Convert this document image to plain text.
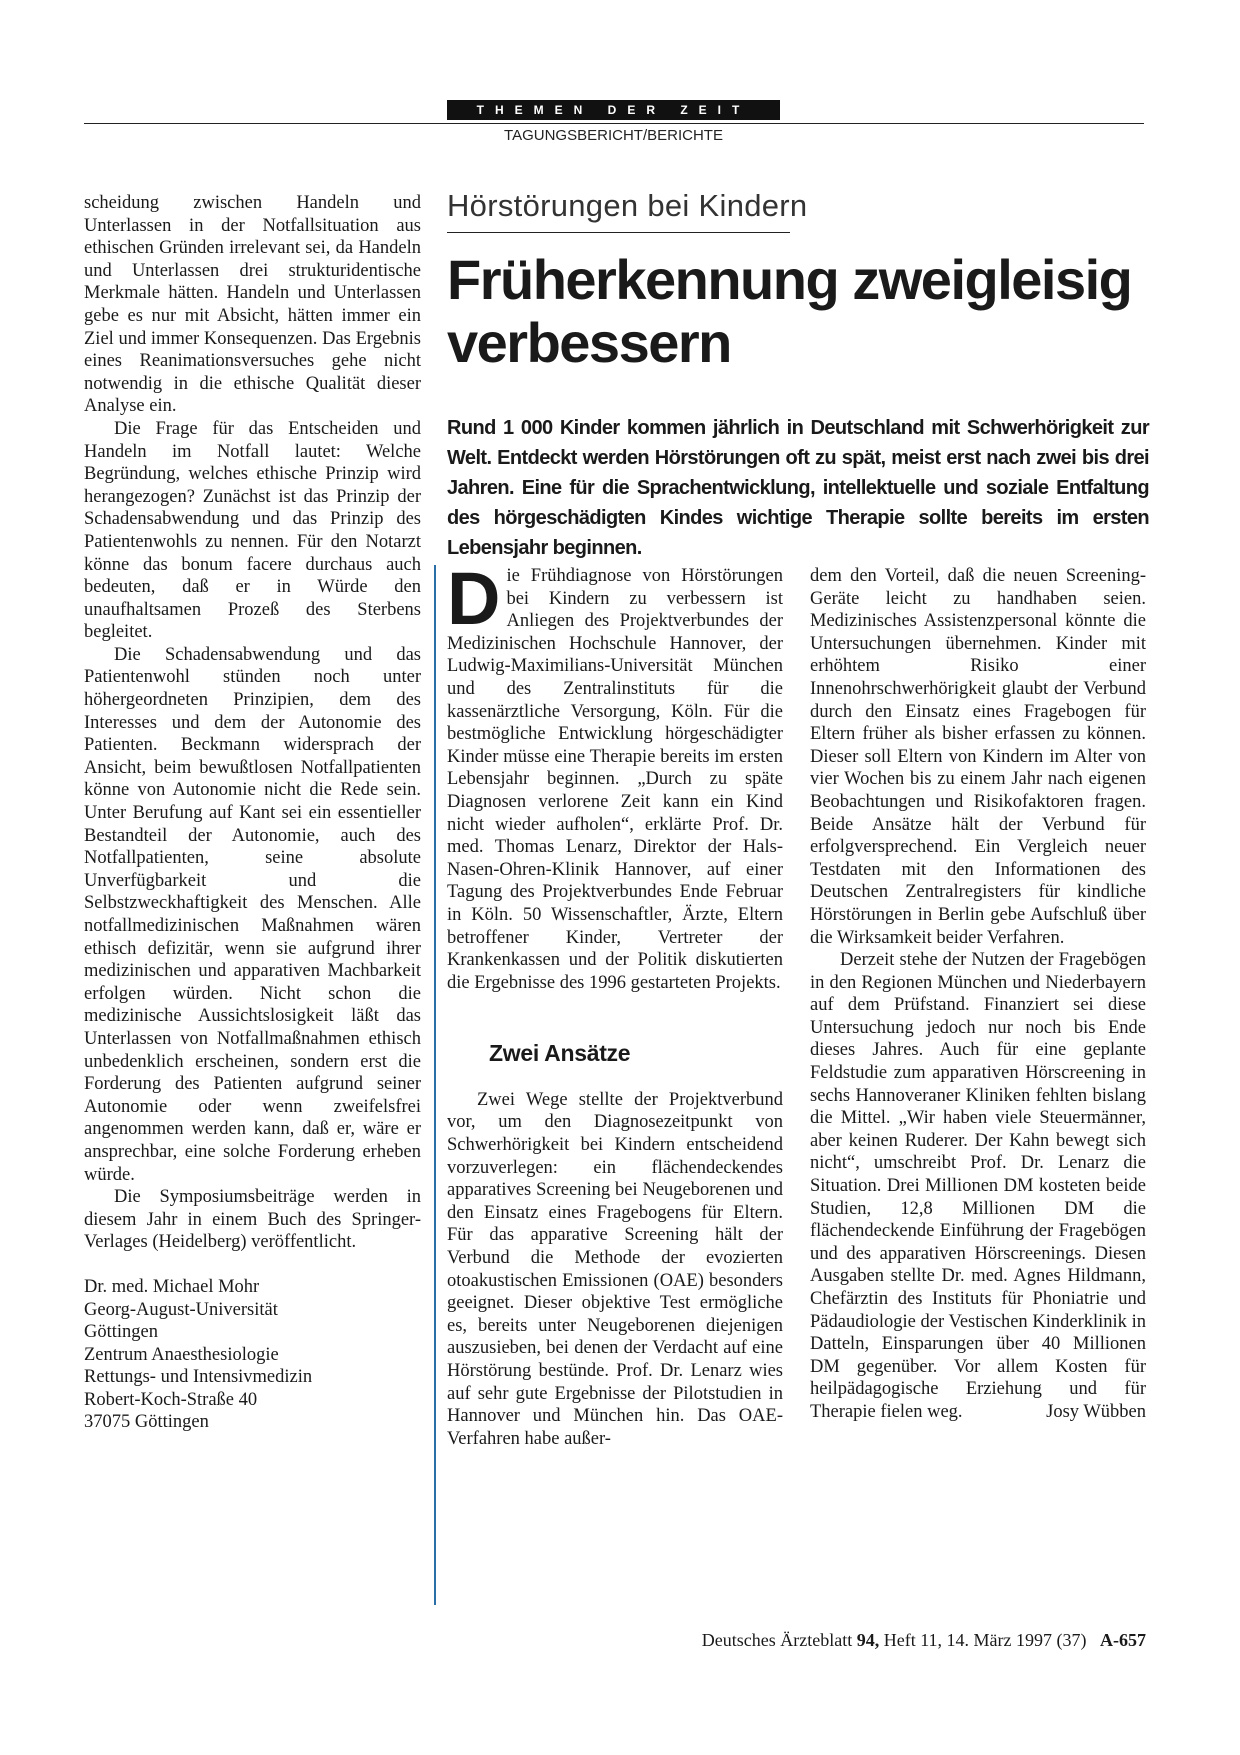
THEMEN DER ZEIT
TAGUNGSBERICHT/BERICHTE

scheidung zwischen Handeln und Unterlassen in der Notfallsituation aus ethischen Gründen irrelevant sei, da Handeln und Unterlassen drei strukturidentische Merkmale hätten. Handeln und Unterlassen gebe es nur mit Absicht, hätten immer ein Ziel und immer Konsequenzen. Das Ergebnis eines Reanimationsversuches gehe nicht notwendig in die ethische Qualität dieser Analyse ein.

Die Frage für das Entscheiden und Handeln im Notfall lautet: Welche Begründung, welches ethische Prinzip wird herangezogen? Zunächst ist das Prinzip der Schadensabwendung und das Prinzip des Patientenwohls zu nennen. Für den Notarzt könne das bonum facere durchaus auch bedeuten, daß er in Würde den unaufhaltsamen Prozeß des Sterbens begleitet.

Die Schadensabwendung und das Patientenwohl stünden noch unter höhergeordneten Prinzipien, dem des Interesses und dem der Autonomie des Patienten. Beckmann widersprach der Ansicht, beim bewußtlosen Notfallpatienten könne von Autonomie nicht die Rede sein. Unter Berufung auf Kant sei ein essentieller Bestandteil der Autonomie, auch des Notfallpatienten, seine absolute Unverfügbarkeit und die Selbstzweckhaftigkeit des Menschen. Alle notfallmedizinischen Maßnahmen wären ethisch defizitär, wenn sie aufgrund ihrer medizinischen und apparativen Machbarkeit erfolgen würden. Nicht schon die medizinische Aussichtslosigkeit läßt das Unterlassen von Notfallmaßnahmen ethisch unbedenklich erscheinen, sondern erst die Forderung des Patienten aufgrund seiner Autonomie oder wenn zweifelsfrei angenommen werden kann, daß er, wäre er ansprechbar, eine solche Forderung erheben würde.

Die Symposiumsbeiträge werden in diesem Jahr in einem Buch des Springer-Verlages (Heidelberg) veröffentlicht.

Dr. med. Michael Mohr
Georg-August-Universität
Göttingen
Zentrum Anaesthesiologie
Rettungs- und Intensivmedizin
Robert-Koch-Straße 40
37075 Göttingen
Hörstörungen bei Kindern
Früherkennung zweigleisig verbessern
Rund 1 000 Kinder kommen jährlich in Deutschland mit Schwerhörigkeit zur Welt. Entdeckt werden Hörstörungen oft zu spät, meist erst nach zwei bis drei Jahren. Eine für die Sprachentwicklung, intellektuelle und soziale Entfaltung des hörgeschädigten Kindes wichtige Therapie sollte bereits im ersten Lebensjahr beginnen.

Die Frühdiagnose von Hörstörungen bei Kindern zu verbessern ist Anliegen des Projektverbundes der Medizinischen Hochschule Hannover, der Ludwig-Maximilians-Universität München und des Zentralinstituts für die kassenärztliche Versorgung, Köln. Für die bestmögliche Entwicklung hörgeschädigter Kinder müsse eine Therapie bereits im ersten Lebensjahr beginnen. „Durch zu späte Diagnosen verlorene Zeit kann ein Kind nicht wieder aufholen“, erklärte Prof. Dr. med. Thomas Lenarz, Direktor der Hals-Nasen-Ohren-Klinik Hannover, auf einer Tagung des Projektverbundes Ende Februar in Köln. 50 Wissenschaftler, Ärzte, Eltern betroffener Kinder, Vertreter der Krankenkassen und der Politik diskutierten die Ergebnisse des 1996 gestarteten Projekts.

Zwei Ansätze

Zwei Wege stellte der Projektverbund vor, um den Diagnosezeitpunkt von Schwerhörigkeit bei Kindern entscheidend vorzuverlegen: ein flächendeckendes apparatives Screening bei Neugeborenen und den Einsatz eines Fragebogens für Eltern. Für das apparative Screening hält der Verbund die Methode der evozierten otoakustischen Emissionen (OAE) besonders geeignet. Dieser objektive Test ermögliche es, bereits unter Neugeborenen diejenigen auszusieben, bei denen der Verdacht auf eine Hörstörung bestünde. Prof. Dr. Lenarz wies auf sehr gute Ergebnisse der Pilotstudien in Hannover und München hin. Das OAE-Verfahren habe außer-

dem den Vorteil, daß die neuen Screening-Geräte leicht zu handhaben seien. Medizinisches Assistenzpersonal könnte die Untersuchungen übernehmen. Kinder mit erhöhtem Risiko einer Innenohrschwerhörigkeit glaubt der Verbund durch den Einsatz eines Fragebogen für Eltern früher als bisher erfassen zu können. Dieser soll Eltern von Kindern im Alter von vier Wochen bis zu einem Jahr nach eigenen Beobachtungen und Risikofaktoren fragen. Beide Ansätze hält der Verbund für erfolgversprechend. Ein Vergleich neuer Testdaten mit den Informationen des Deutschen Zentralregisters für kindliche Hörstörungen in Berlin gebe Aufschluß über die Wirksamkeit beider Verfahren.

Derzeit stehe der Nutzen der Fragebögen in den Regionen München und Niederbayern auf dem Prüfstand. Finanziert sei diese Untersuchung jedoch nur noch bis Ende dieses Jahres. Auch für eine geplante Feldstudie zum apparativen Hörscreening in sechs Hannoveraner Kliniken fehlten bislang die Mittel. „Wir haben viele Steuermänner, aber keinen Ruderer. Der Kahn bewegt sich nicht“, umschreibt Prof. Dr. Lenarz die Situation. Drei Millionen DM kosteten beide Studien, 12,8 Millionen DM die flächendeckende Einführung der Fragebögen und des apparativen Hörscreenings. Diesen Ausgaben stellte Dr. med. Agnes Hildmann, Chefärztin des Instituts für Phoniatrie und Pädaudiologie der Vestischen Kinderklinik in Datteln, Einsparungen über 40 Millionen DM gegenüber. Vor allem Kosten für heilpädagogische Erziehung und für Therapie fielen weg.	Josy Wübben

Deutsches Ärzteblatt 94, Heft 11, 14. März 1997 (37) A-657
